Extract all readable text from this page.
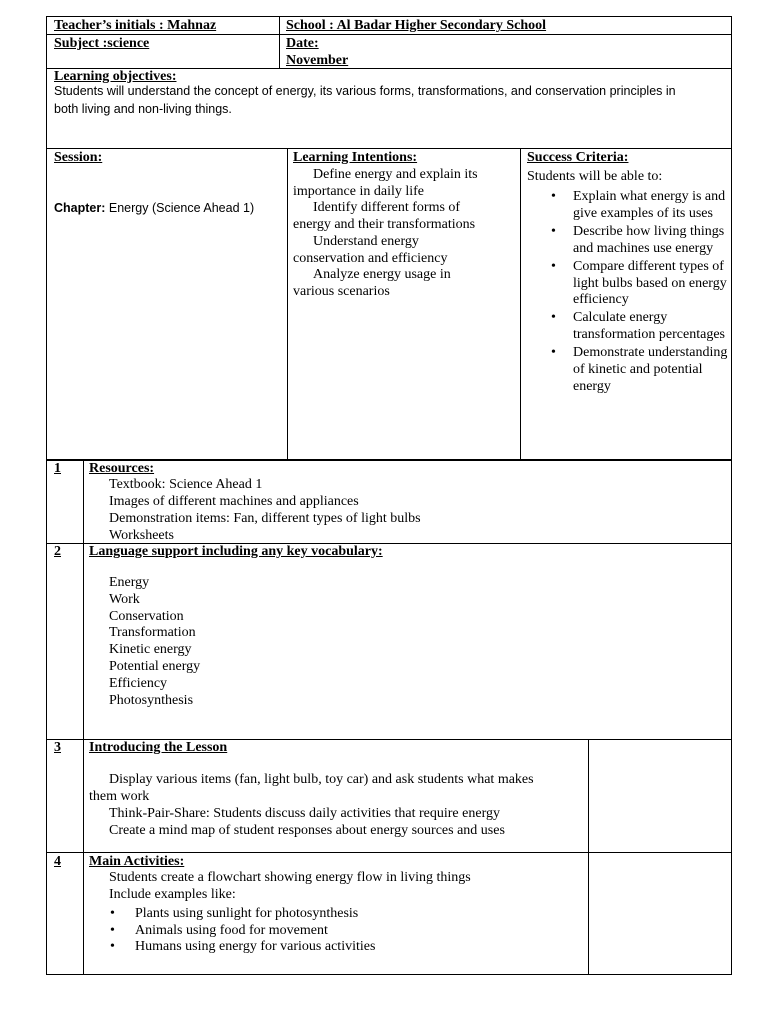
Teacher’s initials : Mahnaz	School : Al Badar Higher Secondary School
Subject :science	Date:
November
Learning objectives:
Students will understand the concept of energy, its various forms, transformations, and conservation principles in
both living and non-living things.
Session:
Chapter: Energy (Science Ahead 1)
Learning Intentions:
Define energy and explain its
importance in daily life
Identify different forms of
energy and their transformations
Understand energy
conservation and efficiency
Analyze energy usage in
various scenarios
Success Criteria:
Students will be able to:
• Explain what energy is and give examples of its uses
• Describe how living things and machines use energy
• Compare different types of light bulbs based on energy efficiency
• Calculate energy transformation percentages
• Demonstrate understanding of kinetic and potential energy
1 Resources:
Textbook: Science Ahead 1
Images of different machines and appliances
Demonstration items: Fan, different types of light bulbs
Worksheets
2 Language support including any key vocabulary:
Energy
Work
Conservation
Transformation
Kinetic energy
Potential energy
Efficiency
Photosynthesis
3 Introducing the Lesson
Display various items (fan, light bulb, toy car) and ask students what makes
them work
Think-Pair-Share: Students discuss daily activities that require energy
Create a mind map of student responses about energy sources and uses
4 Main Activities:
Students create a flowchart showing energy flow in living things
Include examples like:
• Plants using sunlight for photosynthesis
• Animals using food for movement
• Humans using energy for various activities
